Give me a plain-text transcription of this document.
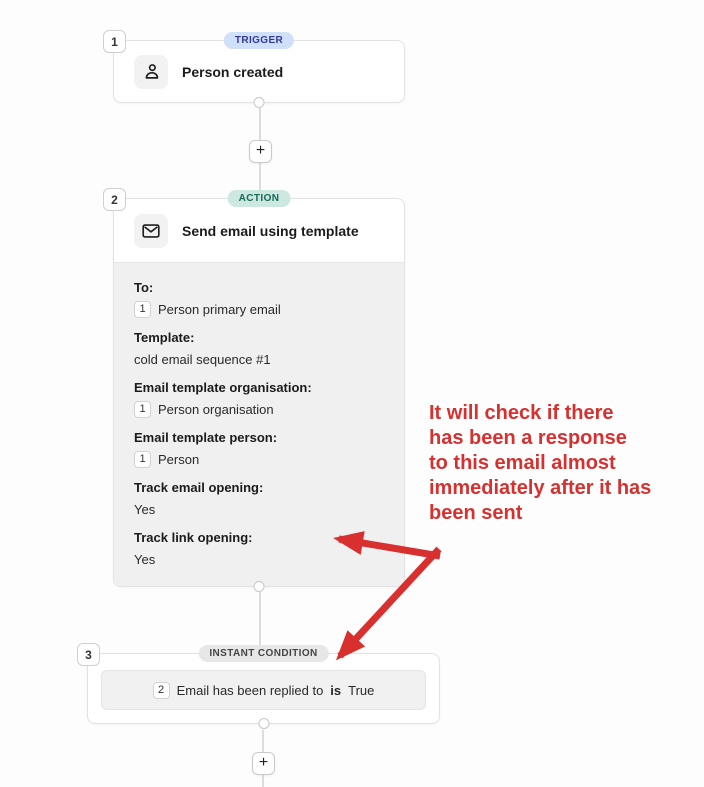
1	TRIGGER
Person created
+
2	ACTION
Send email using template
To:
1 Person primary email
Template:
cold email sequence #1
Email template organisation:
1 Person organisation
Email template person:
1 Person
Track email opening:
Yes
Track link opening:
Yes
3	INSTANT CONDITION
2 Email has been replied to is True
+
It will check if there
has been a response
to this email almost
immediately after it has
been sent
